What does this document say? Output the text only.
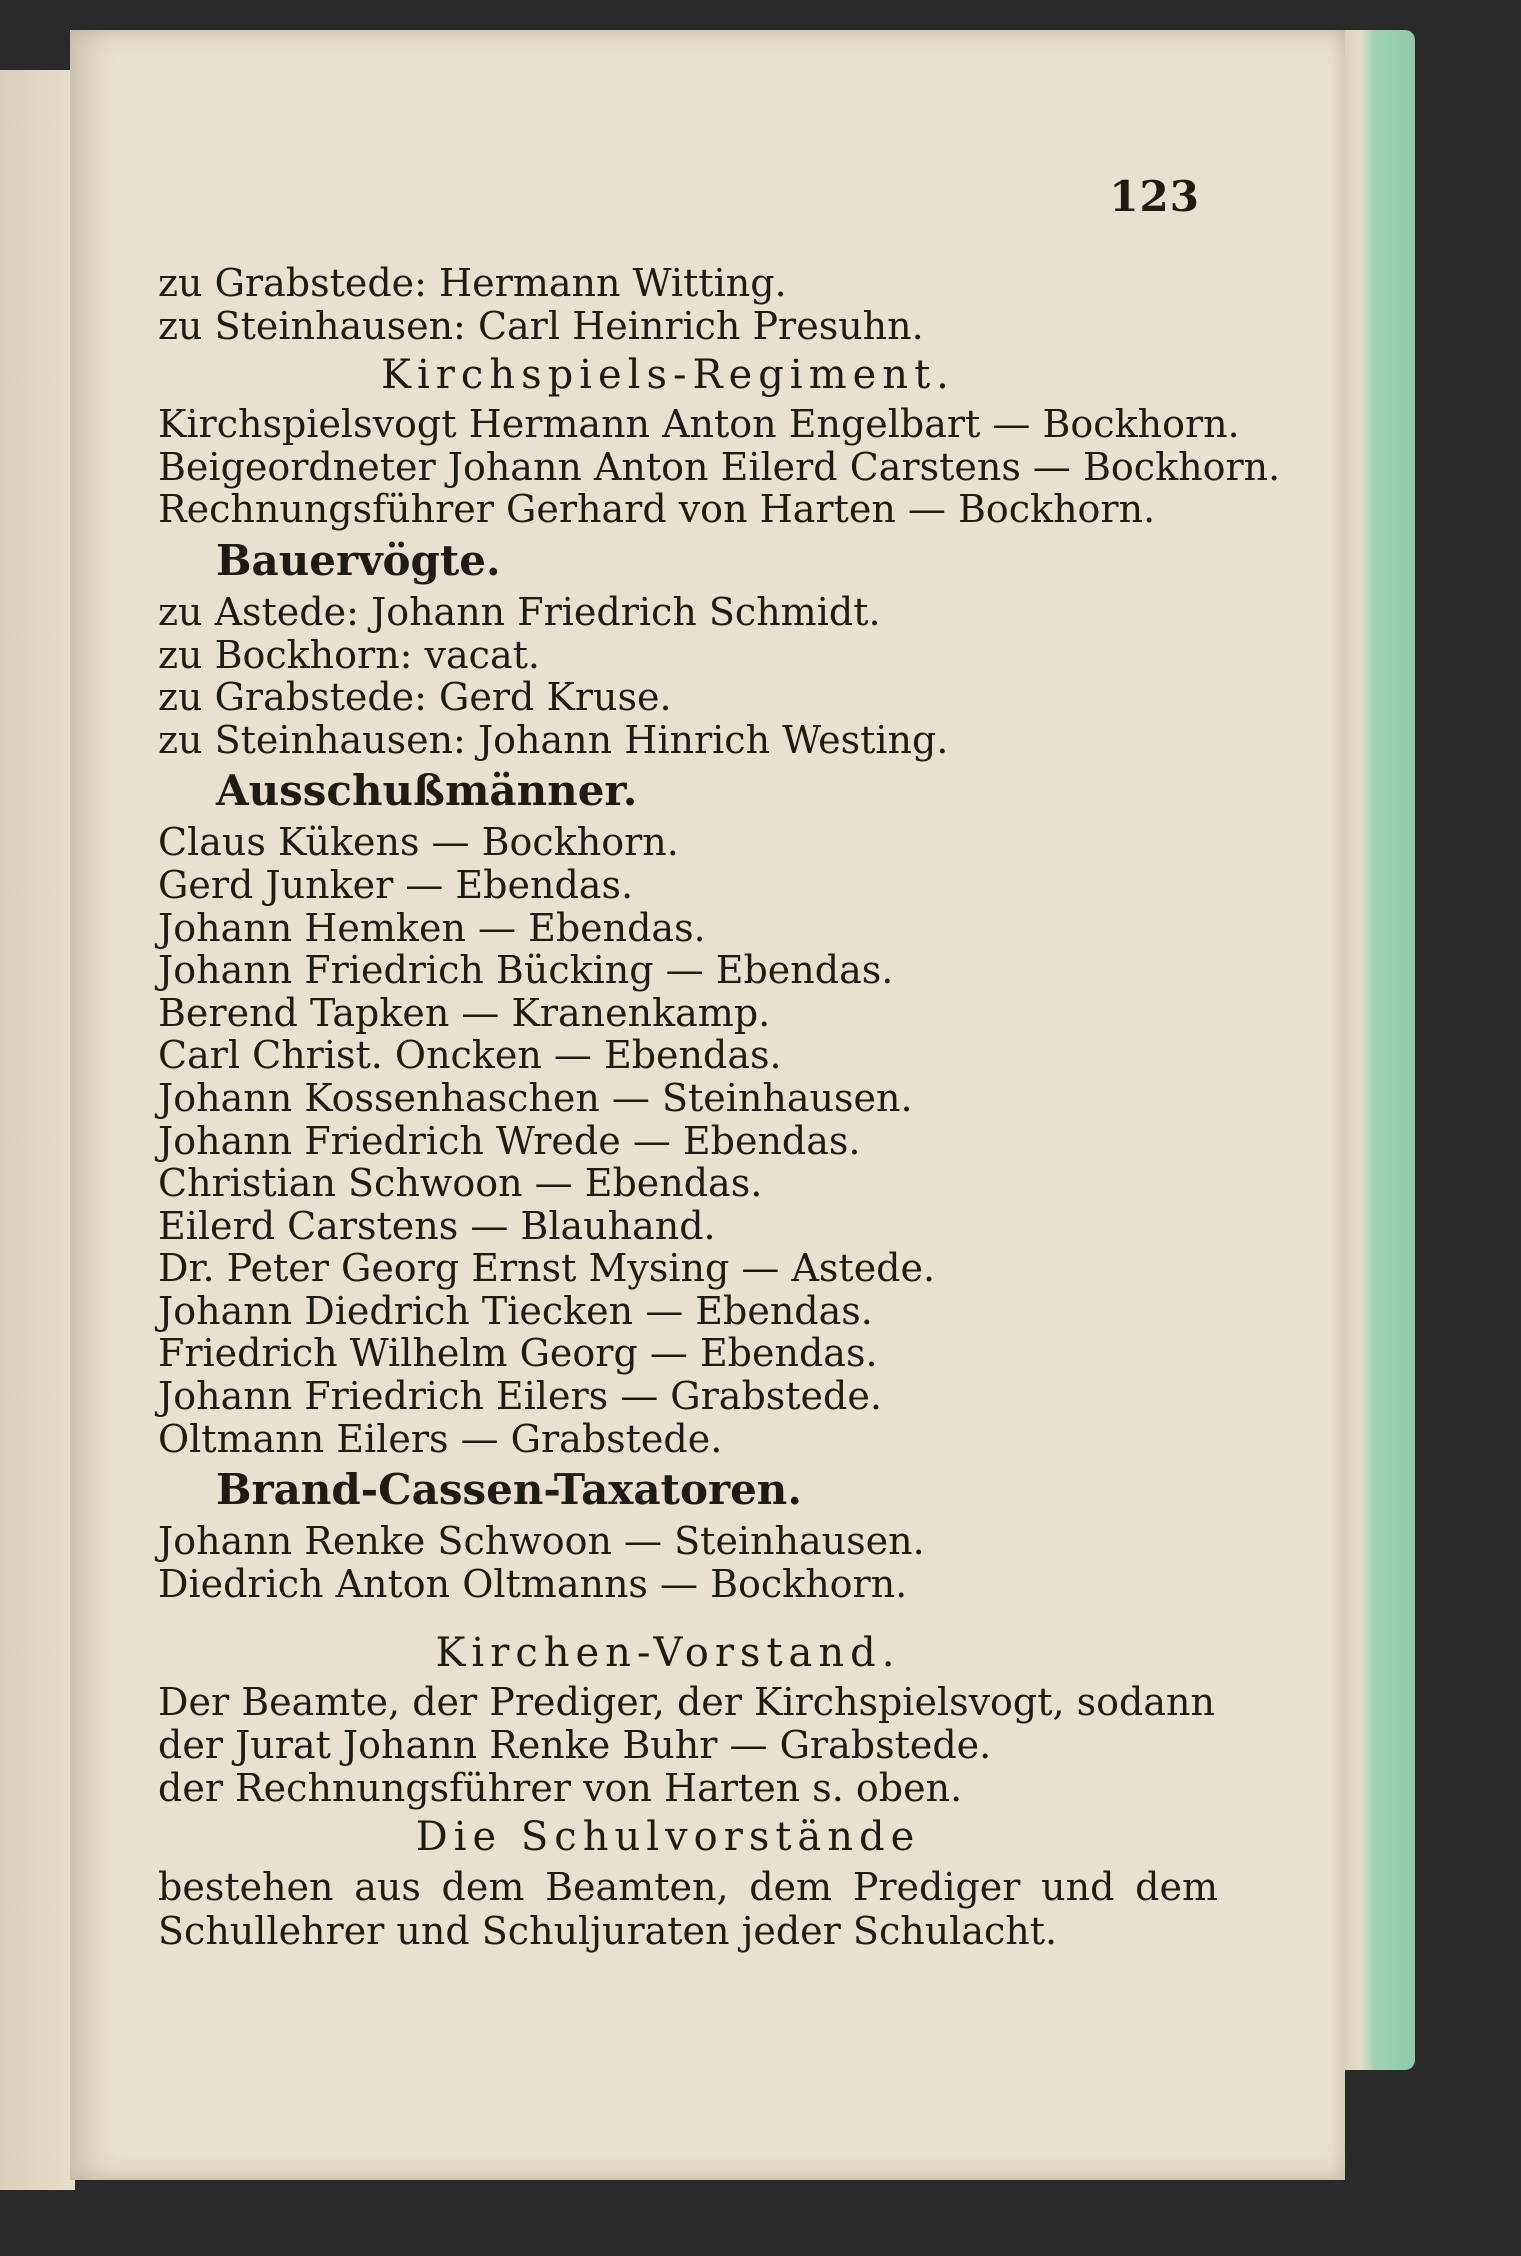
123
zu Grabstede: Hermann Witting.
zu Steinhausen: Carl Heinrich Presuhn.
Kirchspiels-Regiment.
Kirchspielsvogt Hermann Anton Engelbart — Bockhorn.
Beigeordneter Johann Anton Eilerd Carstens — Bockhorn.
Rechnungsführer Gerhard von Harten — Bockhorn.
Bauervögte.
zu Astede: Johann Friedrich Schmidt.
zu Bockhorn: vacat.
zu Grabstede: Gerd Kruse.
zu Steinhausen: Johann Hinrich Westing.
Ausschußmänner.
Claus Kükens — Bockhorn.
Gerd Junker — Ebendas.
Johann Hemken — Ebendas.
Johann Friedrich Bücking — Ebendas.
Berend Tapken — Kranenkamp.
Carl Christ. Oncken — Ebendas.
Johann Kossenhaschen — Steinhausen.
Johann Friedrich Wrede — Ebendas.
Christian Schwoon — Ebendas.
Eilerd Carstens — Blauhand.
Dr. Peter Georg Ernst Mysing — Astede.
Johann Diedrich Tiecken — Ebendas.
Friedrich Wilhelm Georg — Ebendas.
Johann Friedrich Eilers — Grabstede.
Oltmann Eilers — Grabstede.
Brand-Cassen-Taxatoren.
Johann Renke Schwoon — Steinhausen.
Diedrich Anton Oltmanns — Bockhorn.
Kirchen-Vorstand.
Der Beamte, der Prediger, der Kirchspielsvogt, sodann
der Jurat Johann Renke Buhr — Grabstede.
der Rechnungsführer von Harten s. oben.
Die Schulvorstände
bestehen aus dem Beamten, dem Prediger und dem Schullehrer und Schuljuraten jeder Schulacht.
